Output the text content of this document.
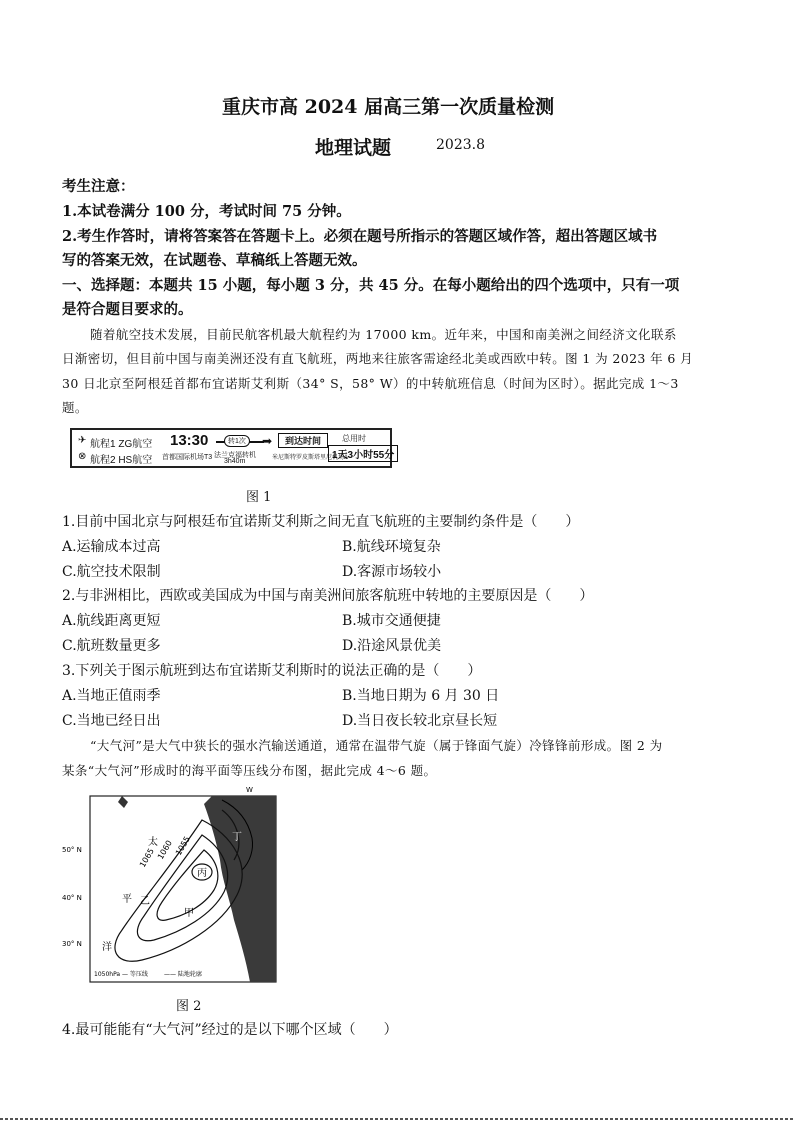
重庆市高 2024 届高三第一次质量检测
地理试题	2023.8
考生注意：
1.本试卷满分 100 分，考试时间 75 分钟。
2.考生作答时，请将答案答在答题卡上。必须在题号所指示的答题区域作答，超出答题区域书
写的答案无效，在试题卷、草稿纸上答题无效。
一、选择题：本题共 15 小题，每小题 3 分，共 45 分。在每小题给出的四个选项中，只有一项
是符合题目要求的。
随着航空技术发展，目前民航客机最大航程约为 17000 km。近年来，中国和南美洲之间经济文化联系
日渐密切，但目前中国与南美洲还没有直飞航班，两地来往旅客需途经北美或西欧中转。图 1 为 2023 年 6 月
30 日北京至阿根廷首都布宜诺斯艾利斯（34° S，58° W）的中转航班信息（时间为区时）。据此完成 1～3
题。
✈ 航程1 ZG航空
⊗ 航程2 HS航空
13:30
首都国际机场T3
转1次	➡
法兰克福转机
3h40m
到达时间
米尼斯特罗皮斯塔里尼机场A
总用时
1天3小时55分
图 1
1.目前中国北京与阿根廷布宜诺斯艾利斯之间无直飞航班的主要制约条件是（　　）
A.运输成本过高	B.航线环境复杂
C.航空技术限制	D.客源市场较小
2.与非洲相比，西欧或美国成为中国与南美洲间旅客航班中转地的主要原因是（　　）
A.航线距离更短	B.城市交通便捷
C.航班数量更多	D.沿途风景优美
3.下列关于图示航班到达布宜诺斯艾利斯时的说法正确的是（　　）
A.当地正值雨季	B.当地日期为 6 月 30 日
C.当地已经日出	D.当日夜长较北京昼长短
“大气河”是大气中狭长的强水汽输送通道，通常在温带气旋（属于锋面气旋）冷锋锋前形成。图 2 为
某条“大气河”形成时的海平面等压线分布图，据此完成 4～6 题。
太
平
洋
乙
甲
丙
丁
1065 1060 1055
50° N
40° N
30° N
W
1050hPa — 等压线	—— 陆地轮廓
图 2
4.最可能能有“大气河”经过的是以下哪个区域（　　）
